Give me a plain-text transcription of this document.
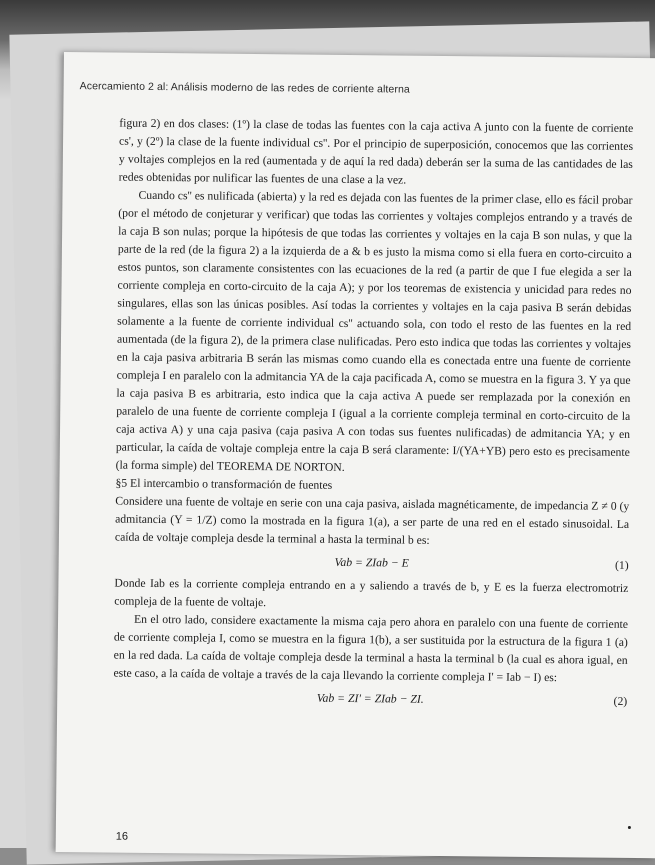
Acercamiento 2 al: Análisis moderno de las redes de corriente alterna

figura 2) en dos clases: (1º) la clase de todas las fuentes con la caja activa A junto con la fuente de corriente cs', y (2º) la clase de la fuente individual cs''. Por el principio de superposición, conocemos que las corrientes y voltajes complejos en la red (aumentada y de aquí la red dada) deberán ser la suma de las cantidades de las redes obtenidas por nulificar las fuentes de una clase a la vez.

Cuando cs'' es nulificada (abierta) y la red es dejada con las fuentes de la primer clase, ello es fácil probar (por el método de conjeturar y verificar) que todas las corrientes y voltajes complejos entrando y a través de la caja B son nulas; porque la hipótesis de que todas las corrientes y voltajes en la caja B son nulas, y que la parte de la red (de la figura 2) a la izquierda de a & b es justo la misma como si ella fuera en corto-circuito a estos puntos, son claramente consistentes con las ecuaciones de la red (a partir de que I fue elegida a ser la corriente compleja en corto-circuito de la caja A); y por los teoremas de existencia y unicidad para redes no singulares, ellas son las únicas posibles. Así todas la corrientes y voltajes en la caja pasiva B serán debidas solamente a la fuente de corriente individual cs'' actuando sola, con todo el resto de las fuentes en la red aumentada (de la figura 2), de la primera clase nulificadas. Pero esto indica que todas las corrientes y voltajes en la caja pasiva arbitraria B serán las mismas como cuando ella es conectada entre una fuente de corriente compleja I en paralelo con la admitancia YA de la caja pacificada A, como se muestra en la figura 3. Y ya que la caja pasiva B es arbitraria, esto indica que la caja activa A puede ser remplazada por la conexión en paralelo de una fuente de corriente compleja I (igual a la corriente compleja terminal en corto-circuito de la caja activa A) y una caja pasiva (caja pasiva A con todas sus fuentes nulificadas) de admitancia YA; y en particular, la caída de voltaje compleja entre la caja B será claramente: I/(YA+YB) pero esto es precisamente (la forma simple) del TEOREMA DE NORTON.

§5 El intercambio o transformación de fuentes

Considere una fuente de voltaje en serie con una caja pasiva, aislada magnéticamente, de impedancia Z ≠ 0 (y admitancia (Y = 1/Z) como la mostrada en la figura 1(a), a ser parte de una red en el estado sinusoidal. La caída de voltaje compleja desde la terminal a hasta la terminal b es:

Vab = ZIab − E	(1)

Donde Iab es la corriente compleja entrando en a y saliendo a través de b, y E es la fuerza electromotriz compleja de la fuente de voltaje.

En el otro lado, considere exactamente la misma caja pero ahora en paralelo con una fuente de corriente de corriente compleja I, como se muestra en la figura 1(b), a ser sustituida por la estructura de la figura 1 (a) en la red dada. La caída de voltaje compleja desde la terminal a hasta la terminal b (la cual es ahora igual, en este caso, a la caída de voltaje a través de la caja llevando la corriente compleja I' = Iab − I) es:

Vab = ZI' = ZIab − ZI.	(2)
16
